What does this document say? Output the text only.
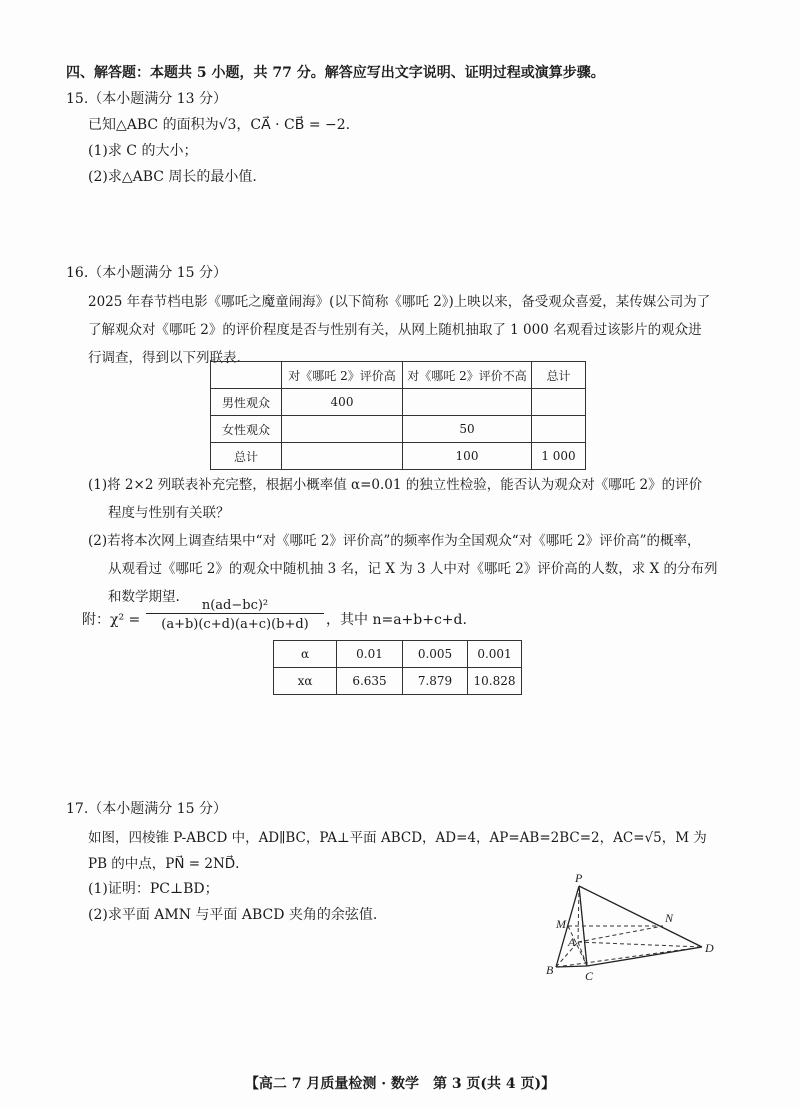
四、解答题：本题共 5 小题，共 77 分。解答应写出文字说明、证明过程或演算步骤。
15.（本小题满分 13 分）
已知△ABC 的面积为√3，CA⃗ · CB⃗ = −2.
(1)求 C 的大小；
(2)求△ABC 周长的最小值.
16.（本小题满分 15 分）
2025 年春节档电影《哪吒之魔童闹海》(以下简称《哪吒 2》)上映以来，备受观众喜爱，某传媒公司为了
了解观众对《哪吒 2》的评价程度是否与性别有关，从网上随机抽取了 1 000 名观看过该影片的观众进
行调查，得到以下列联表.
	对《哪吒 2》评价高	对《哪吒 2》评价不高	总计
男性观众	400		
女性观众		50	
总计		100	1 000
(1)将 2×2 列联表补充完整，根据小概率值 α=0.01 的独立性检验，能否认为观众对《哪吒 2》的评价
程度与性别有关联？
(2)若将本次网上调查结果中“对《哪吒 2》评价高”的频率作为全国观众“对《哪吒 2》评价高”的概率，
从观看过《哪吒 2》的观众中随机抽 3 名，记 X 为 3 人中对《哪吒 2》评价高的人数，求 X 的分布列
和数学期望.
附：χ² =
n(ad−bc)²
(a+b)(c+d)(a+c)(b+d)	，其中 n=a+b+c+d.
α	0.01	0.005	0.001
xα	6.635	7.879	10.828
17.（本小题满分 15 分）
如图，四棱锥 P-ABCD 中，AD∥BC，PA⊥平面 ABCD，AD=4，AP=AB=2BC=2，AC=√5，M 为
PB 的中点，PN⃗ = 2ND⃗.
(1)证明：PC⊥BD；
(2)求平面 AMN 与平面 ABCD 夹角的余弦值.
P
M	N
A
B	C
D
【高二 7 月质量检测 · 数学　第 3 页(共 4 页)】
